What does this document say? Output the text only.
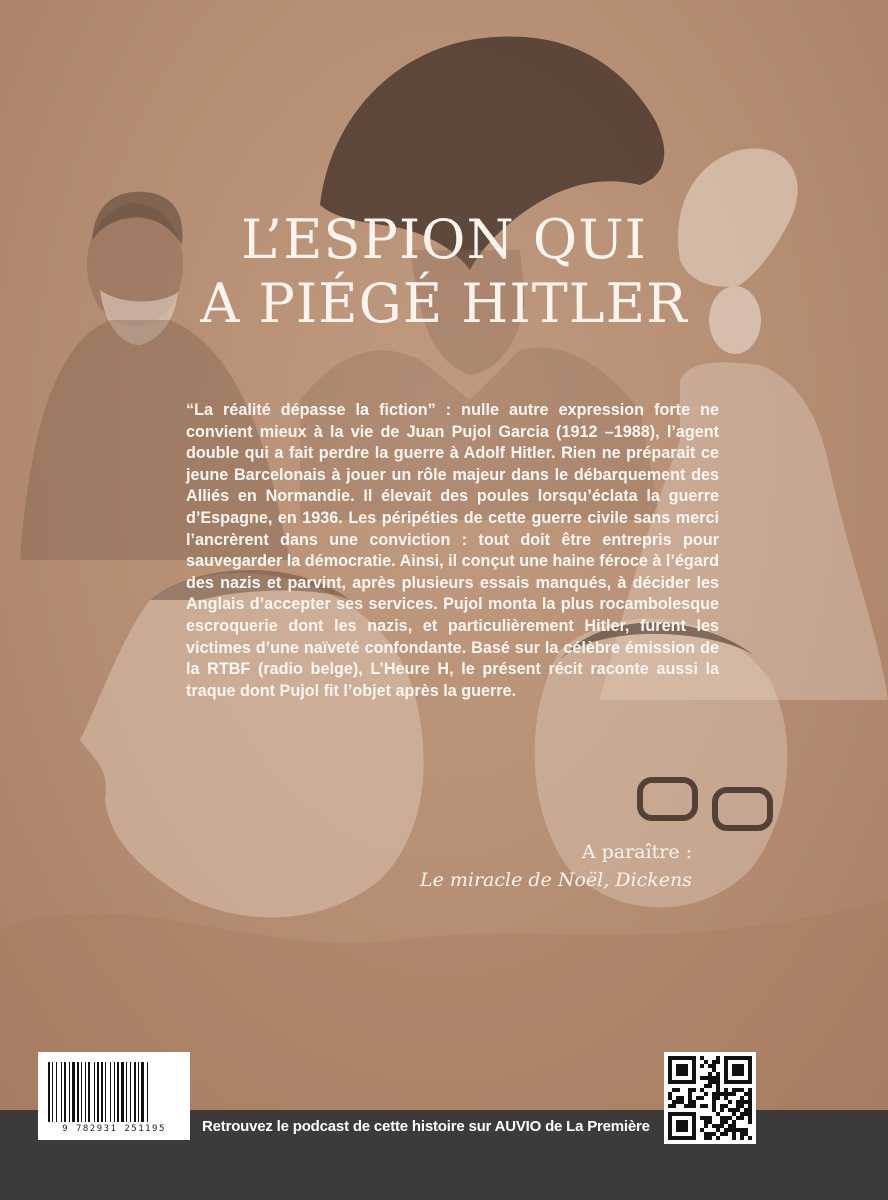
L’ESPION QUI
A PIÉGÉ HITLER

“La réalité dépasse la fiction” : nulle autre expression forte ne convient mieux à la vie de Juan Pujol Garcia (1912 –1988), l’agent double qui a fait perdre la guerre à Adolf Hitler. Rien ne préparait ce jeune Barcelonais à jouer un rôle majeur dans le débarquement des Alliés en Normandie. Il élevait des poules lorsqu’éclata la guerre d’Espagne, en 1936. Les péripéties de cette guerre civile sans merci l’ancrèrent dans une conviction : tout doit être entrepris pour sauvegarder la démocratie. Ainsi, il conçut une haine féroce à l’égard des nazis et parvint, après plusieurs essais manqués, à décider les Anglais d’accepter ses services. Pujol monta la plus rocambolesque escroquerie dont les nazis, et particulièrement Hitler, furent les victimes d’une naïveté confondante. Basé sur la célèbre émission de la RTBF (radio belge), L’Heure H, le présent récit raconte aussi la traque dont Pujol fit l’objet après la guerre.

A paraître :
Le miracle de Noël, Dickens
Retrouvez le podcast de cette histoire sur AUVIO de La Première
9 782931 251195
